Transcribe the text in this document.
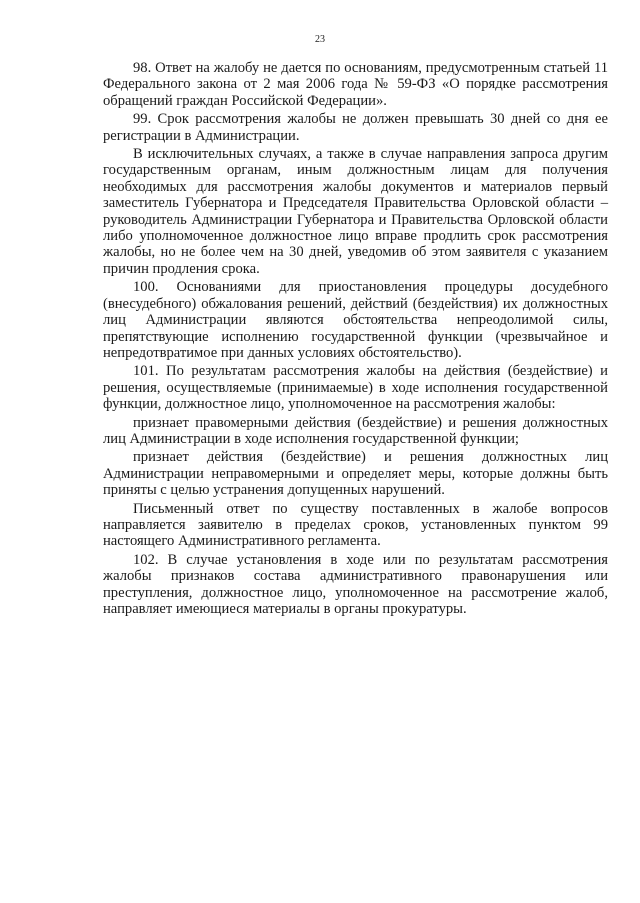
23

98. Ответ на жалобу не дается по основаниям, предусмотренным статьей 11 Федерального закона от 2 мая 2006 года № 59-ФЗ «О порядке рассмотрения обращений граждан Российской Федерации».

99. Срок рассмотрения жалобы не должен превышать 30 дней со дня ее регистрации в Администрации.

В исключительных случаях, а также в случае направления запроса другим государственным органам, иным должностным лицам для получения необходимых для рассмотрения жалобы документов и материалов первый заместитель Губернатора и Председателя Правительства Орловской области – руководитель Администрации Губернатора и Правительства Орловской области либо уполномоченное должностное лицо вправе продлить срок рассмотрения жалобы, но не более чем на 30 дней, уведомив об этом заявителя с указанием причин продления срока.

100. Основаниями для приостановления процедуры досудебного (внесудебного) обжалования решений, действий (бездействия) их должностных лиц Администрации являются обстоятельства непреодолимой силы, препятствующие исполнению государственной функции (чрезвычайное и непредотвратимое при данных условиях обстоятельство).

101. По результатам рассмотрения жалобы на действия (бездействие) и решения, осуществляемые (принимаемые) в ходе исполнения государственной функции, должностное лицо, уполномоченное на рассмотрения жалобы:

признает правомерными действия (бездействие) и решения должностных лиц Администрации в ходе исполнения государственной функции;

признает действия (бездействие) и решения должностных лиц Администрации неправомерными и определяет меры, которые должны быть приняты с целью устранения допущенных нарушений.

Письменный ответ по существу поставленных в жалобе вопросов направляется заявителю в пределах сроков, установленных пунктом 99 настоящего Административного регламента.

102. В случае установления в ходе или по результатам рассмотрения жалобы признаков состава административного правонарушения или преступления, должностное лицо, уполномоченное на рассмотрение жалоб, направляет имеющиеся материалы в органы прокуратуры.
